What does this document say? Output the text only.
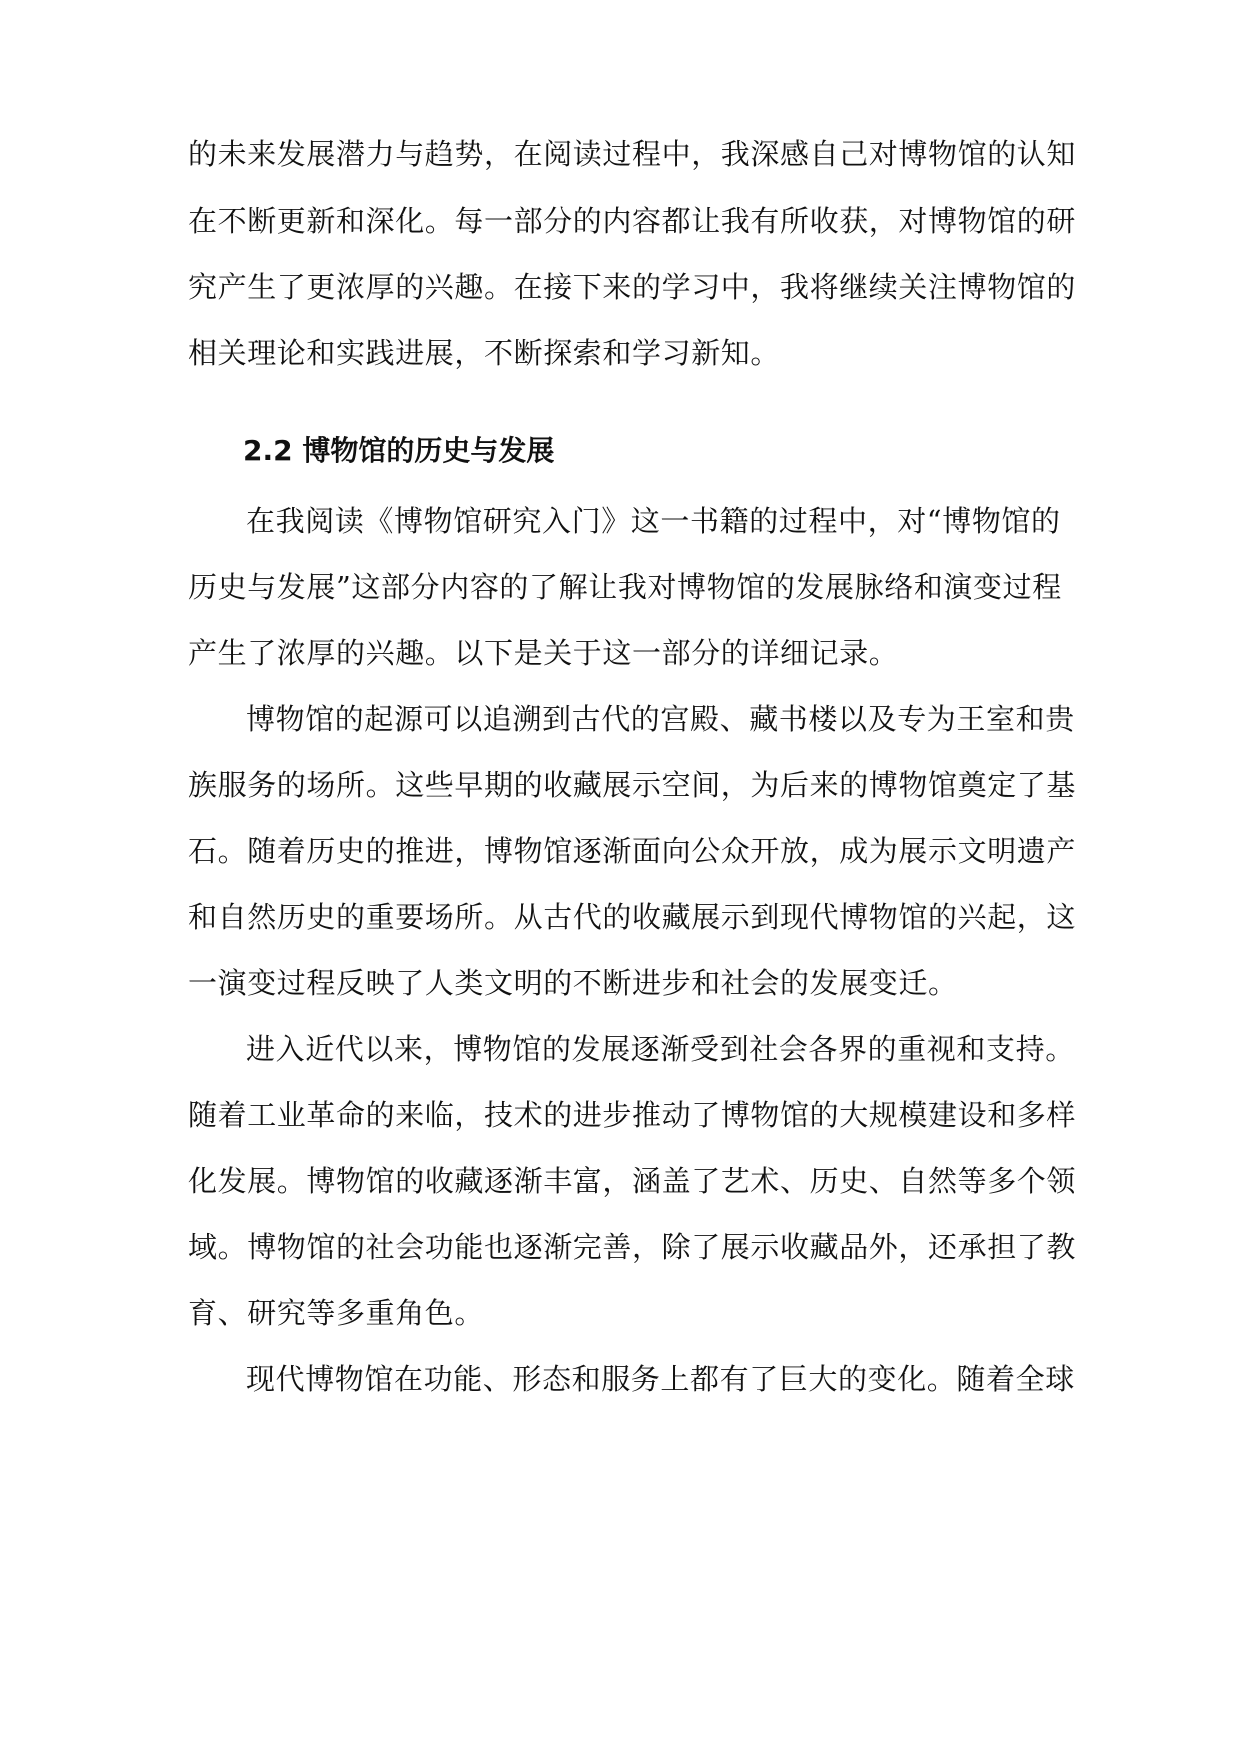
的未来发展潜力与趋势，在阅读过程中，我深感自己对博物馆的认知
在不断更新和深化。每一部分的内容都让我有所收获，对博物馆的研
究产生了更浓厚的兴趣。在接下来的学习中，我将继续关注博物馆的
相关理论和实践进展，不断探索和学习新知。
2.2 博物馆的历史与发展
在我阅读《博物馆研究入门》这一书籍的过程中，对“博物馆的
历史与发展”这部分内容的了解让我对博物馆的发展脉络和演变过程
产生了浓厚的兴趣。以下是关于这一部分的详细记录。
博物馆的起源可以追溯到古代的宫殿、藏书楼以及专为王室和贵
族服务的场所。这些早期的收藏展示空间，为后来的博物馆奠定了基
石。随着历史的推进，博物馆逐渐面向公众开放，成为展示文明遗产
和自然历史的重要场所。从古代的收藏展示到现代博物馆的兴起，这
一演变过程反映了人类文明的不断进步和社会的发展变迁。
进入近代以来，博物馆的发展逐渐受到社会各界的重视和支持。
随着工业革命的来临，技术的进步推动了博物馆的大规模建设和多样
化发展。博物馆的收藏逐渐丰富，涵盖了艺术、历史、自然等多个领
域。博物馆的社会功能也逐渐完善，除了展示收藏品外，还承担了教
育、研究等多重角色。
现代博物馆在功能、形态和服务上都有了巨大的变化。随着全球
